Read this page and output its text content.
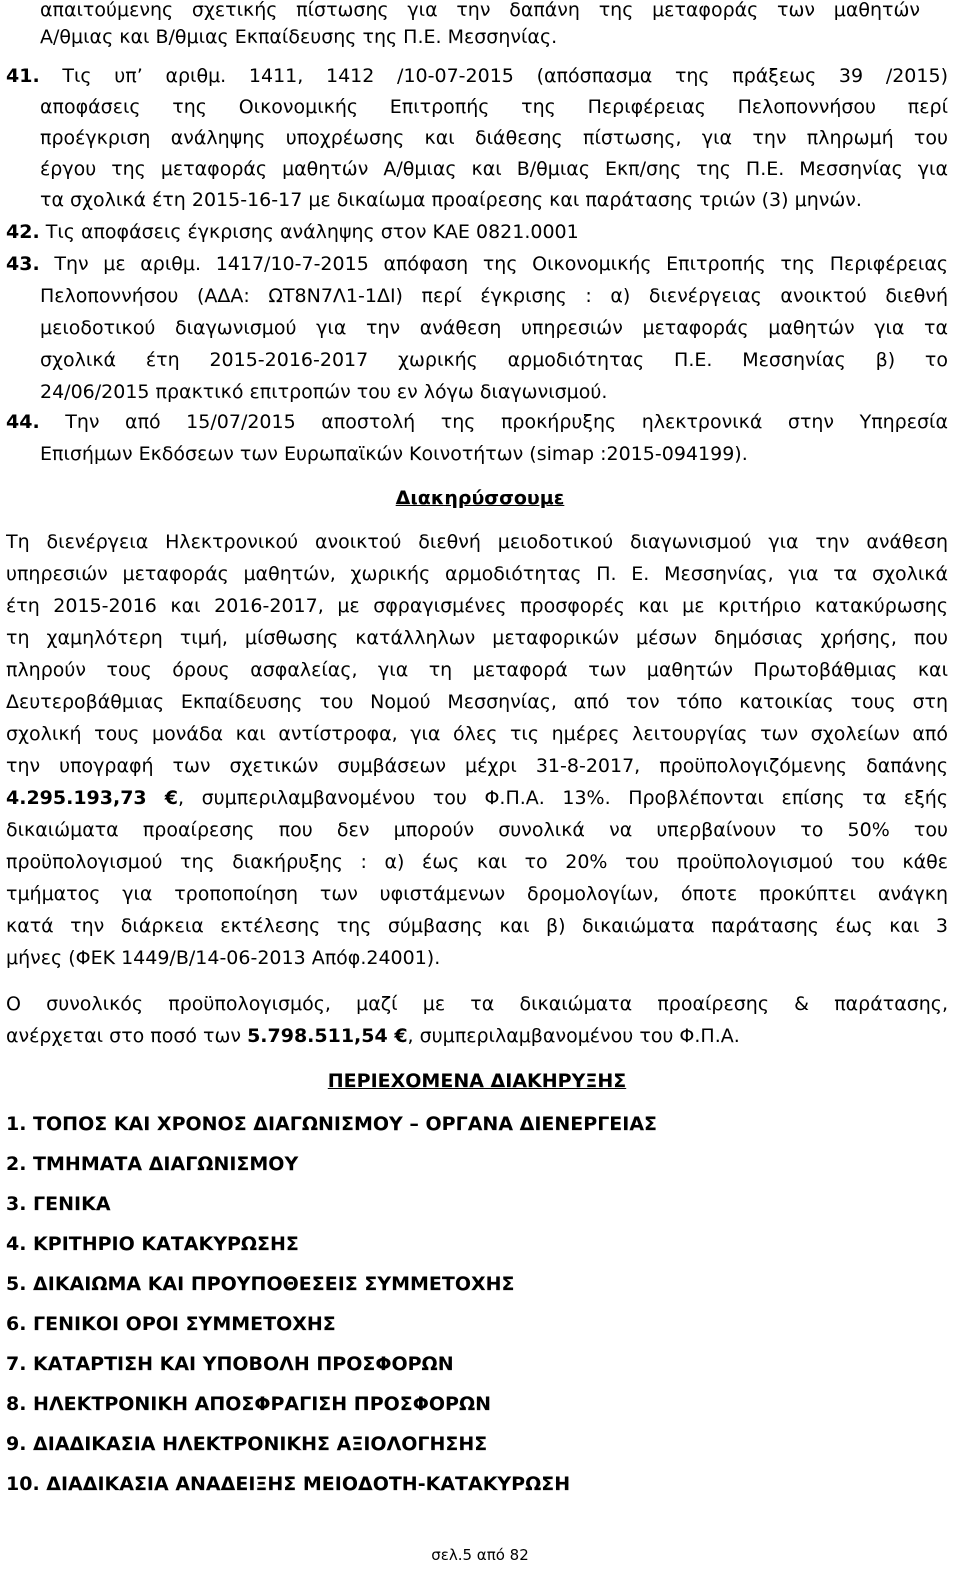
απαιτούμενης σχετικής πίστωσης για την δαπάνη της μεταφοράς των μαθητών
Α/θμιας και Β/θμιας Εκπαίδευσης της Π.Ε. Μεσσηνίας.
41. Τις υπ’ αριθμ. 1411, 1412 /10-07-2015 (απόσπασμα της πράξεως 39 /2015)
αποφάσεις της Οικονομικής Επιτροπής της Περιφέρειας Πελοποννήσου περί
προέγκριση ανάληψης υποχρέωσης και διάθεσης πίστωσης, για την πληρωμή του
έργου της μεταφοράς μαθητών Α/θμιας και Β/θμιας Εκπ/σης της Π.Ε. Μεσσηνίας για
τα σχολικά έτη 2015-16-17 με δικαίωμα προαίρεσης και παράτασης τριών (3) μηνών.
42. Τις αποφάσεις έγκρισης ανάληψης στον ΚΑΕ 0821.0001
43. Την με αριθμ. 1417/10-7-2015 απόφαση της Οικονομικής Επιτροπής της Περιφέρειας
Πελοποννήσου (ΑΔΑ: ΩΤ8Ν7Λ1-1ΔΙ) περί έγκρισης : α) διενέργειας ανοικτού διεθνή
μειοδοτικού διαγωνισμού για την ανάθεση υπηρεσιών μεταφοράς μαθητών για τα
σχολικά έτη 2015-2016-2017 χωρικής αρμοδιότητας Π.Ε. Μεσσηνίας β) το
24/06/2015 πρακτικό επιτροπών του εν λόγω διαγωνισμού.
44. Την από 15/07/2015 αποστολή της προκήρυξης ηλεκτρονικά στην Υπηρεσία
Επισήμων Εκδόσεων των Ευρωπαϊκών Κοινοτήτων (simap :2015-094199).
Διακηρύσσουμε
Τη διενέργεια Ηλεκτρονικού ανοικτού διεθνή μειοδοτικού διαγωνισμού για την ανάθεση
υπηρεσιών μεταφοράς μαθητών, χωρικής αρμοδιότητας Π. Ε. Μεσσηνίας, για τα σχολικά
έτη 2015-2016 και 2016-2017, με σφραγισμένες προσφορές και με κριτήριο κατακύρωσης
τη χαμηλότερη τιμή, μίσθωσης κατάλληλων μεταφορικών μέσων δημόσιας χρήσης, που
πληρούν τους όρους ασφαλείας, για τη μεταφορά των μαθητών Πρωτοβάθμιας και
Δευτεροβάθμιας Εκπαίδευσης του Νομού Μεσσηνίας, από τον τόπο κατοικίας τους στη
σχολική τους μονάδα και αντίστροφα, για όλες τις ημέρες λειτουργίας των σχολείων από
την υπογραφή των σχετικών συμβάσεων μέχρι 31-8-2017, προϋπολογιζόμενης δαπάνης
4.295.193,73 €, συμπεριλαμβανομένου του Φ.Π.Α. 13%. Προβλέπονται επίσης τα εξής
δικαιώματα προαίρεσης που δεν μπορούν συνολικά να υπερβαίνουν το 50% του
προϋπολογισμού της διακήρυξης : α) έως και το 20% του προϋπολογισμού του κάθε
τμήματος για τροποποίηση των υφιστάμενων δρομολογίων, όποτε προκύπτει ανάγκη
κατά την διάρκεια εκτέλεσης της σύμβασης και β) δικαιώματα παράτασης έως και 3
μήνες (ΦΕΚ 1449/Β/14-06-2013 Απόφ.24001).
Ο συνολικός προϋπολογισμός, μαζί με τα δικαιώματα προαίρεσης & παράτασης,
ανέρχεται στο ποσό των 5.798.511,54 €, συμπεριλαμβανομένου του Φ.Π.Α.
ΠΕΡΙΕΧΟΜΕΝΑ ΔΙΑΚΗΡΥΞΗΣ
1. ΤΟΠΟΣ ΚΑΙ ΧΡΟΝΟΣ ΔΙΑΓΩΝΙΣΜΟΥ – ΟΡΓΑΝΑ ΔΙΕΝΕΡΓΕΙΑΣ
2. ΤΜΗΜΑΤΑ ΔΙΑΓΩΝΙΣΜΟΥ
3. ΓΕΝΙΚΑ
4. ΚΡΙΤΗΡΙΟ ΚΑΤΑΚΥΡΩΣΗΣ
5. ΔΙΚΑΙΩΜΑ ΚΑΙ ΠΡΟΥΠΟΘΕΣΕΙΣ ΣΥΜΜΕΤΟΧΗΣ
6. ΓΕΝΙΚΟΙ ΟΡΟΙ ΣΥΜΜΕΤΟΧΗΣ
7. ΚΑΤΑΡΤΙΣΗ ΚΑΙ ΥΠΟΒΟΛΗ ΠΡΟΣΦΟΡΩΝ
8. ΗΛΕΚΤΡΟΝΙΚΗ ΑΠΟΣΦΡΑΓΙΣΗ ΠΡΟΣΦΟΡΩΝ
9. ΔΙΑΔΙΚΑΣΙΑ ΗΛΕΚΤΡΟΝΙΚΗΣ ΑΞΙΟΛΟΓΗΣΗΣ
10. ΔΙΑΔΙΚΑΣΙΑ ΑΝΑΔΕΙΞΗΣ ΜΕΙΟΔΟΤΗ-ΚΑΤΑΚΥΡΩΣΗ
σελ.5 από 82
